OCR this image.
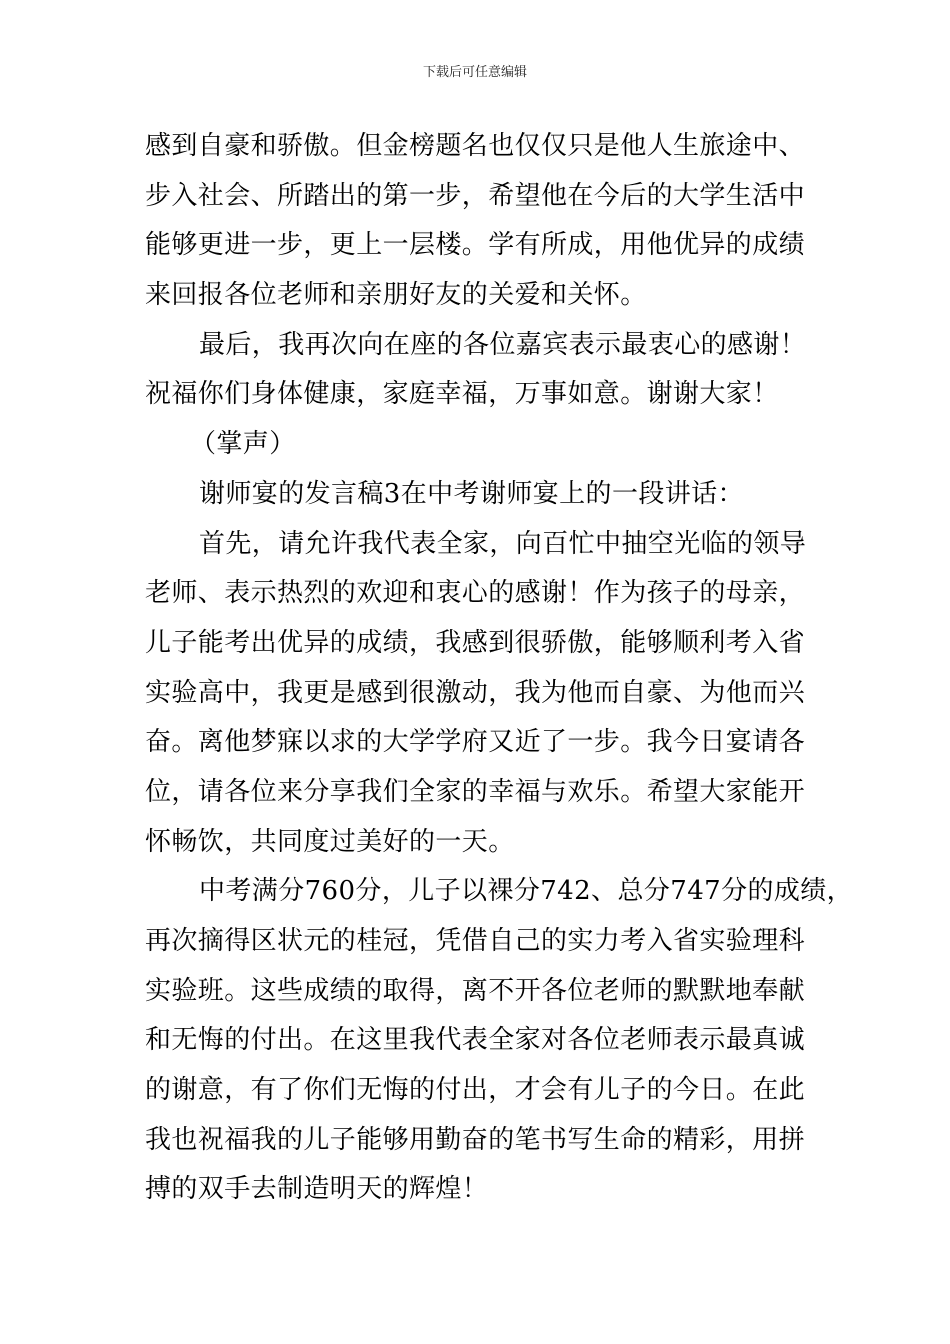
下载后可任意编辑
感到自豪和骄傲。但金榜题名也仅仅只是他人生旅途中、
步入社会、所踏出的第一步，希望他在今后的大学生活中
能够更进一步，更上一层楼。学有所成，用他优异的成绩
来回报各位老师和亲朋好友的关爱和关怀。
最后，我再次向在座的各位嘉宾表示最衷心的感谢！
祝福你们身体健康，家庭幸福，万事如意。谢谢大家！
（掌声）
谢师宴的发言稿3在中考谢师宴上的一段讲话：
首先，请允许我代表全家，向百忙中抽空光临的领导
老师、表示热烈的欢迎和衷心的感谢！作为孩子的母亲，
儿子能考出优异的成绩，我感到很骄傲，能够顺利考入省
实验高中，我更是感到很激动，我为他而自豪、为他而兴
奋。离他梦寐以求的大学学府又近了一步。我今日宴请各
位，请各位来分享我们全家的幸福与欢乐。希望大家能开
怀畅饮，共同度过美好的一天。
中考满分760分，儿子以裸分742、总分747分的成绩，
再次摘得区状元的桂冠，凭借自己的实力考入省实验理科
实验班。这些成绩的取得，离不开各位老师的默默地奉献
和无悔的付出。在这里我代表全家对各位老师表示最真诚
的谢意，有了你们无悔的付出，才会有儿子的今日。在此
我也祝福我的儿子能够用勤奋的笔书写生命的精彩，用拼
搏的双手去制造明天的辉煌！
